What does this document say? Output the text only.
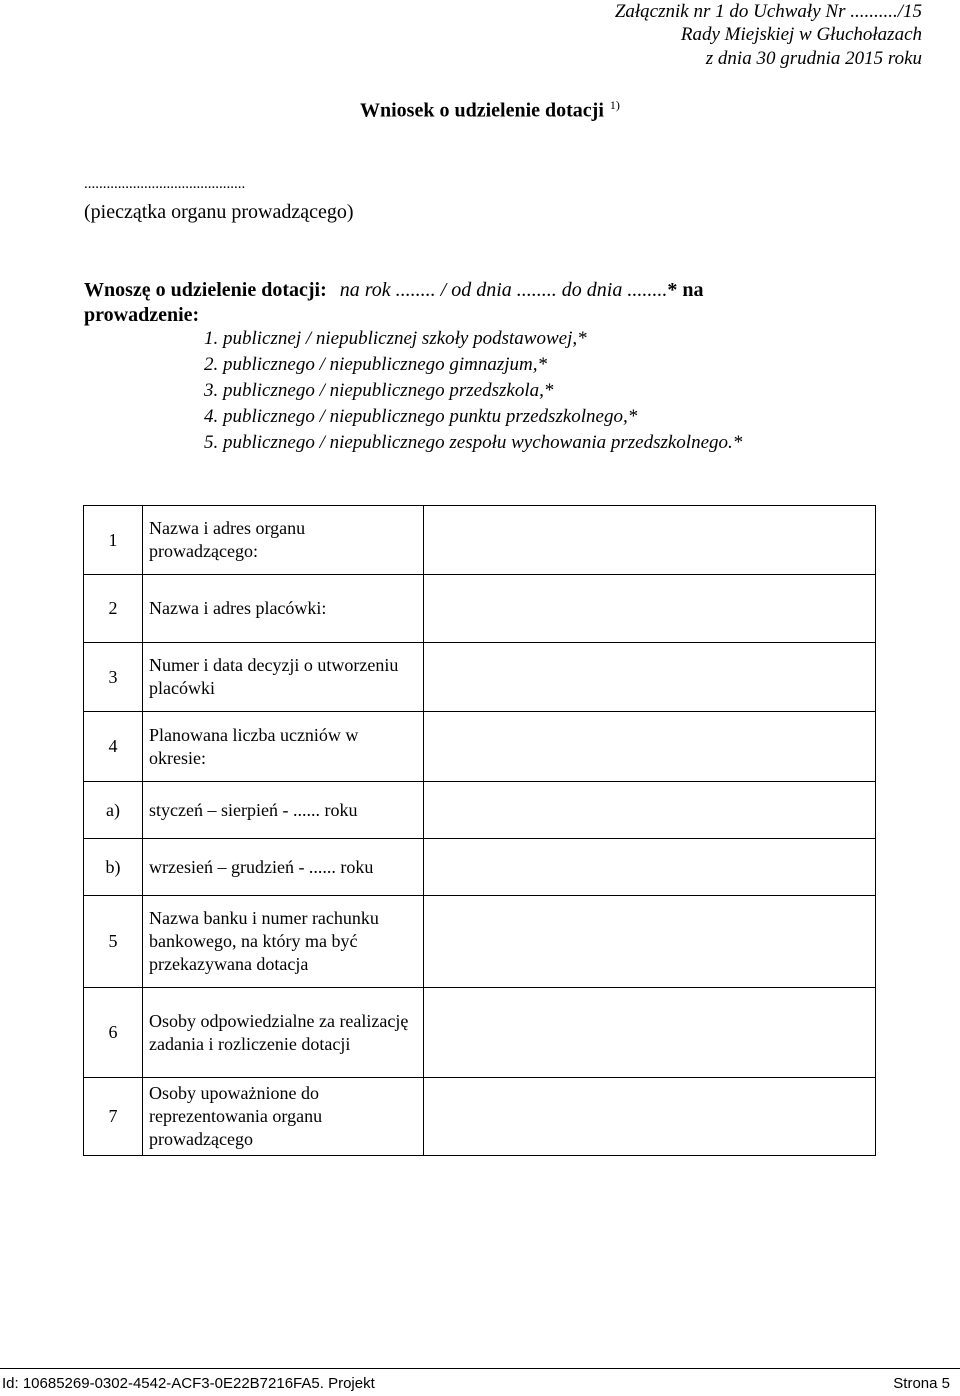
Załącznik nr 1 do Uchwały Nr ........../15
Rady Miejskiej w Głuchołazach
z dnia 30 grudnia 2015 roku
Wniosek o udzielenie dotacji $^{1)}$
...........................................
(pieczątka organu prowadzącego)
Wnoszę o udzielenie dotacji: na rok ........ / od dnia ........ do dnia ........* na
prowadzenie:
1. publicznej / niepublicznej szkoły podstawowej,*
2. publicznego / niepublicznego gimnazjum,*
3. publicznego / niepublicznego przedszkola,*
4. publicznego / niepublicznego punktu przedszkolnego,*
5. publicznego / niepublicznego zespołu wychowania przedszkolnego.*
1	Nazwa i adres organu prowadzącego:	
2	Nazwa i adres placówki:	
3	Numer i data decyzji o utworzeniu placówki	
4	Planowana liczba uczniów w okresie:	
a)	styczeń – sierpień - ...... roku	
b)	wrzesień – grudzień - ...... roku	
5	Nazwa banku i numer rachunku bankowego, na który ma być przekazywana dotacja	
6	Osoby odpowiedzialne za realizację zadania i rozliczenie dotacji	
7	Osoby upoważnione do reprezentowania organu prowadzącego	
Id: 10685269-0302-4542-ACF3-0E22B7216FA5. Projekt	Strona 5
